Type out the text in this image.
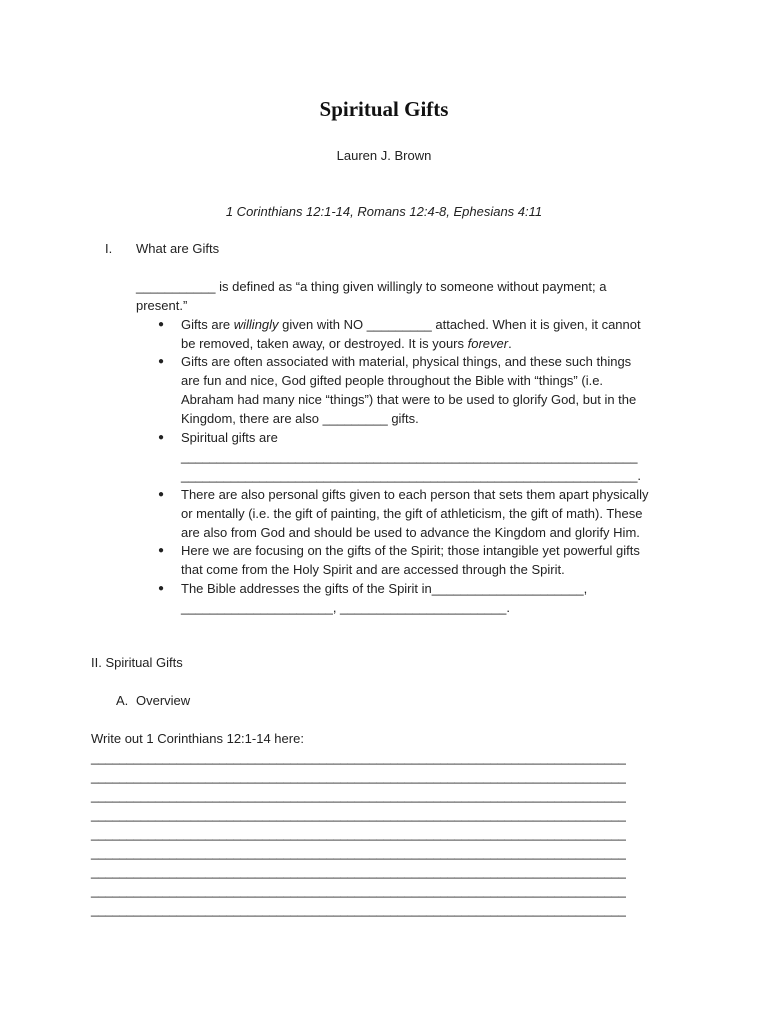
Spiritual Gifts
Lauren J. Brown
1 Corinthians 12:1-14, Romans 12:4-8, Ephesians 4:11
I. What are Gifts
___________ is defined as “a thing given willingly to someone without payment; a
present.”
● Gifts are willingly given with NO _________ attached. When it is given, it cannot
be removed, taken away, or destroyed. It is yours forever.
● Gifts are often associated with material, physical things, and these such things
are fun and nice, God gifted people throughout the Bible with “things” (i.e.
Abraham had many nice “things”) that were to be used to glorify God, but in the
Kingdom, there are also _________ gifts.
● Spiritual gifts are
________________________________________________________________
________________________________________________________________.
● There are also personal gifts given to each person that sets them apart physically
or mentally (i.e. the gift of painting, the gift of athleticism, the gift of math). These
are also from God and should be used to advance the Kingdom and glorify Him.
● Here we are focusing on the gifts of the Spirit; those intangible yet powerful gifts
that come from the Holy Spirit and are accessed through the Spirit.
● The Bible addresses the gifts of the Spirit in_____________________,
_____________________, _______________________.
II. Spiritual Gifts
A. Overview
Write out 1 Corinthians 12:1-14 here:
___________________________________________________________________________
___________________________________________________________________________
___________________________________________________________________________
___________________________________________________________________________
___________________________________________________________________________
___________________________________________________________________________
___________________________________________________________________________
___________________________________________________________________________
___________________________________________________________________________
